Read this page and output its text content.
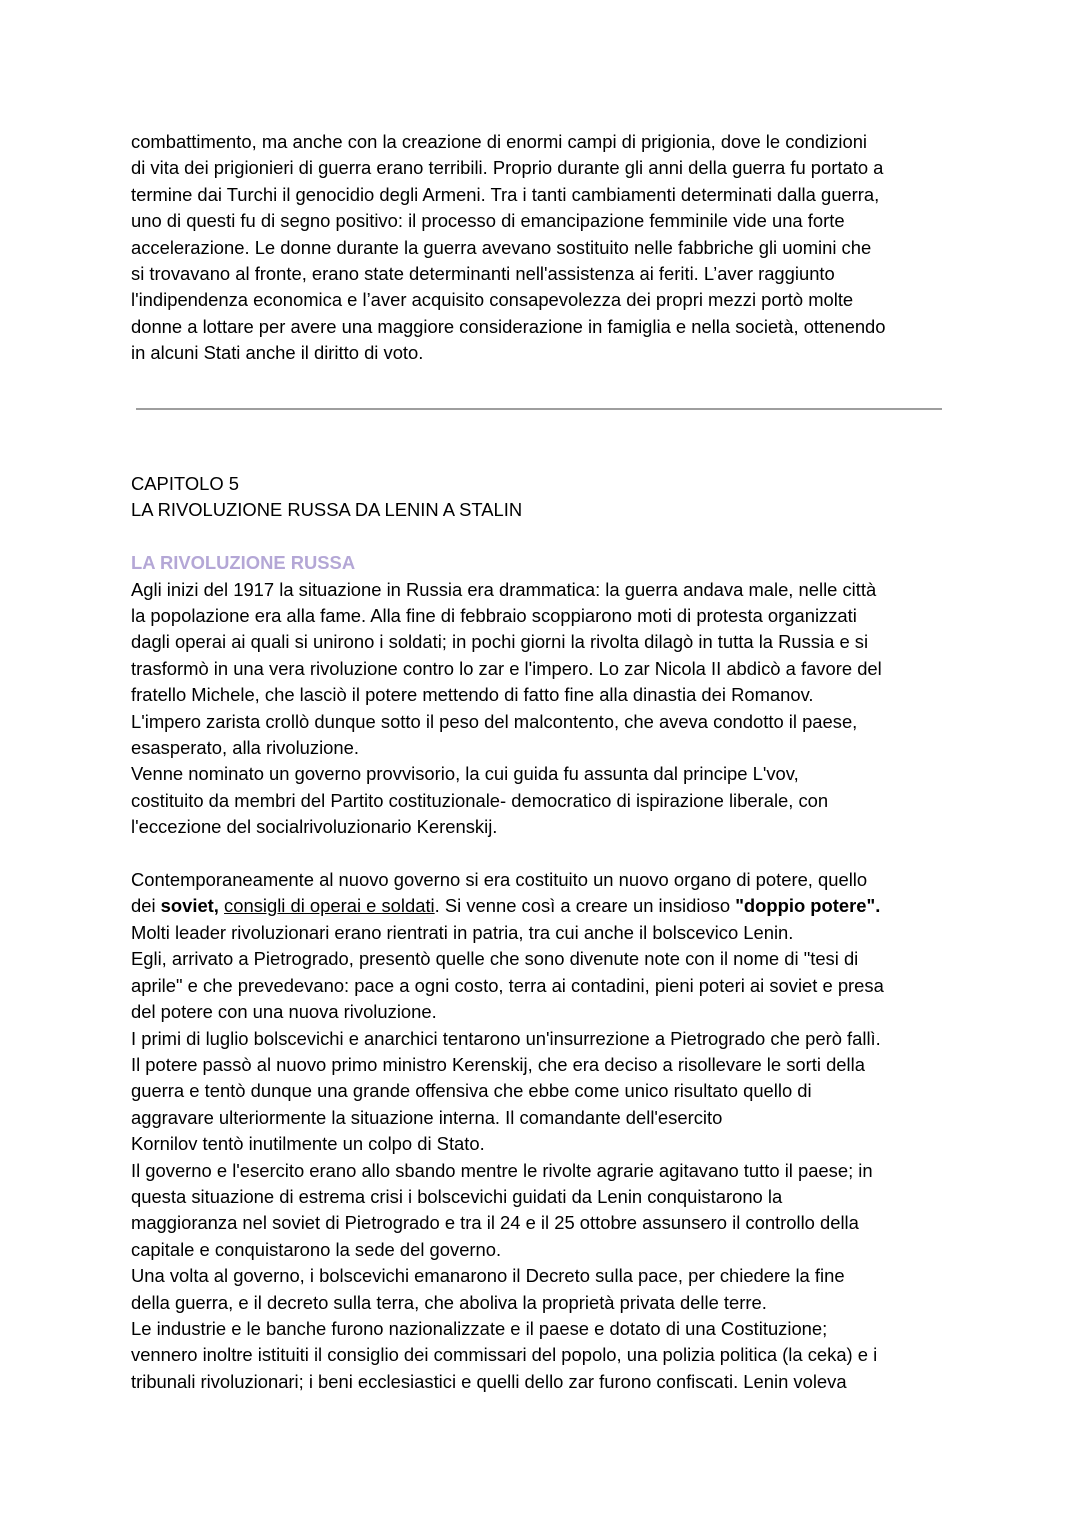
combattimento, ma anche con la creazione di enormi campi di prigionia, dove le condizioni
di vita dei prigionieri di guerra erano terribili. Proprio durante gli anni della guerra fu portato a
termine dai Turchi il genocidio degli Armeni. Tra i tanti cambiamenti determinati dalla guerra,
uno di questi fu di segno positivo: il processo di emancipazione femminile vide una forte
accelerazione. Le donne durante la guerra avevano sostituito nelle fabbriche gli uomini che
si trovavano al fronte, erano state determinanti nell'assistenza ai feriti. L’aver raggiunto
l'indipendenza economica e l’aver acquisito consapevolezza dei propri mezzi portò molte
donne a lottare per avere una maggiore considerazione in famiglia e nella società, ottenendo
in alcuni Stati anche il diritto di voto.
CAPITOLO 5
LA RIVOLUZIONE RUSSA DA LENIN A STALIN
LA RIVOLUZIONE RUSSA
Agli inizi del 1917 la situazione in Russia era drammatica: la guerra andava male, nelle città
la popolazione era alla fame. Alla fine di febbraio scoppiarono moti di protesta organizzati
dagli operai ai quali si unirono i soldati; in pochi giorni la rivolta dilagò in tutta la Russia e si
trasformò in una vera rivoluzione contro lo zar e l'impero. Lo zar Nicola II abdicò a favore del
fratello Michele, che lasciò il potere mettendo di fatto fine alla dinastia dei Romanov.
L'impero zarista crollò dunque sotto il peso del malcontento, che aveva condotto il paese,
esasperato, alla rivoluzione.
Venne nominato un governo provvisorio, la cui guida fu assunta dal principe L'vov,
costituito da membri del Partito costituzionale- democratico di ispirazione liberale, con
l'eccezione del socialrivoluzionario Kerenskij.
Contemporaneamente al nuovo governo si era costituito un nuovo organo di potere, quello
dei soviet, consigli di operai e soldati. Si venne così a creare un insidioso "doppio potere".
Molti leader rivoluzionari erano rientrati in patria, tra cui anche il bolscevico Lenin.
Egli, arrivato a Pietrogrado, presentò quelle che sono divenute note con il nome di "tesi di
aprile" e che prevedevano: pace a ogni costo, terra ai contadini, pieni poteri ai soviet e presa
del potere con una nuova rivoluzione.
I primi di luglio bolscevichi e anarchici tentarono un'insurrezione a Pietrogrado che però fallì.
Il potere passò al nuovo primo ministro Kerenskij, che era deciso a risollevare le sorti della
guerra e tentò dunque una grande offensiva che ebbe come unico risultato quello di
aggravare ulteriormente la situazione interna. Il comandante dell'esercito
Kornilov tentò inutilmente un colpo di Stato.
Il governo e l'esercito erano allo sbando mentre le rivolte agrarie agitavano tutto il paese; in
questa situazione di estrema crisi i bolscevichi guidati da Lenin conquistarono la
maggioranza nel soviet di Pietrogrado e tra il 24 e il 25 ottobre assunsero il controllo della
capitale e conquistarono la sede del governo.
Una volta al governo, i bolscevichi emanarono il Decreto sulla pace, per chiedere la fine
della guerra, e il decreto sulla terra, che aboliva la proprietà privata delle terre.
Le industrie e le banche furono nazionalizzate e il paese e dotato di una Costituzione;
vennero inoltre istituiti il consiglio dei commissari del popolo, una polizia politica (la ceka) e i
tribunali rivoluzionari; i beni ecclesiastici e quelli dello zar furono confiscati. Lenin voleva
